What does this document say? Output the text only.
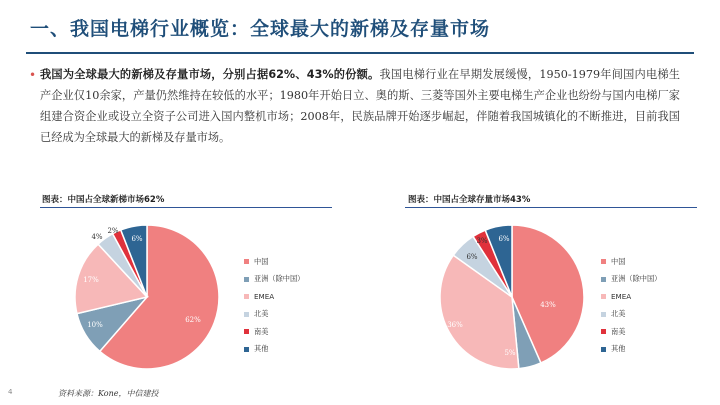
一、我国电梯行业概览：全球最大的新梯及存量市场
• 我国为全球最大的新梯及存量市场，分别占据62%、43%的份额。我国电梯行业在早期发展缓慢，1950-1979年间国内电梯生产企业仅10余家，产量仍然维持在较低的水平；1980年开始日立、奥的斯、三菱等国外主要电梯生产企业也纷纷与国内电梯厂家组建合资企业或设立全资子公司进入国内整机市场；2008年，民族品牌开始逐步崛起，伴随着我国城镇化的不断推进，目前我国已经成为全球最大的新梯及存量市场。
图表：中国占全球新梯市场62%
62%
10%
17%
4%
2%
6%
中国
亚洲（除中国）
EMEA
北美
南美
其他
图表：中国占全球存量市场43%
43%
5%
36%
6%
3% 6%
中国
亚洲（除中国）
EMEA
北美
南美
其他
4	资料来源：Kone，中信建投
